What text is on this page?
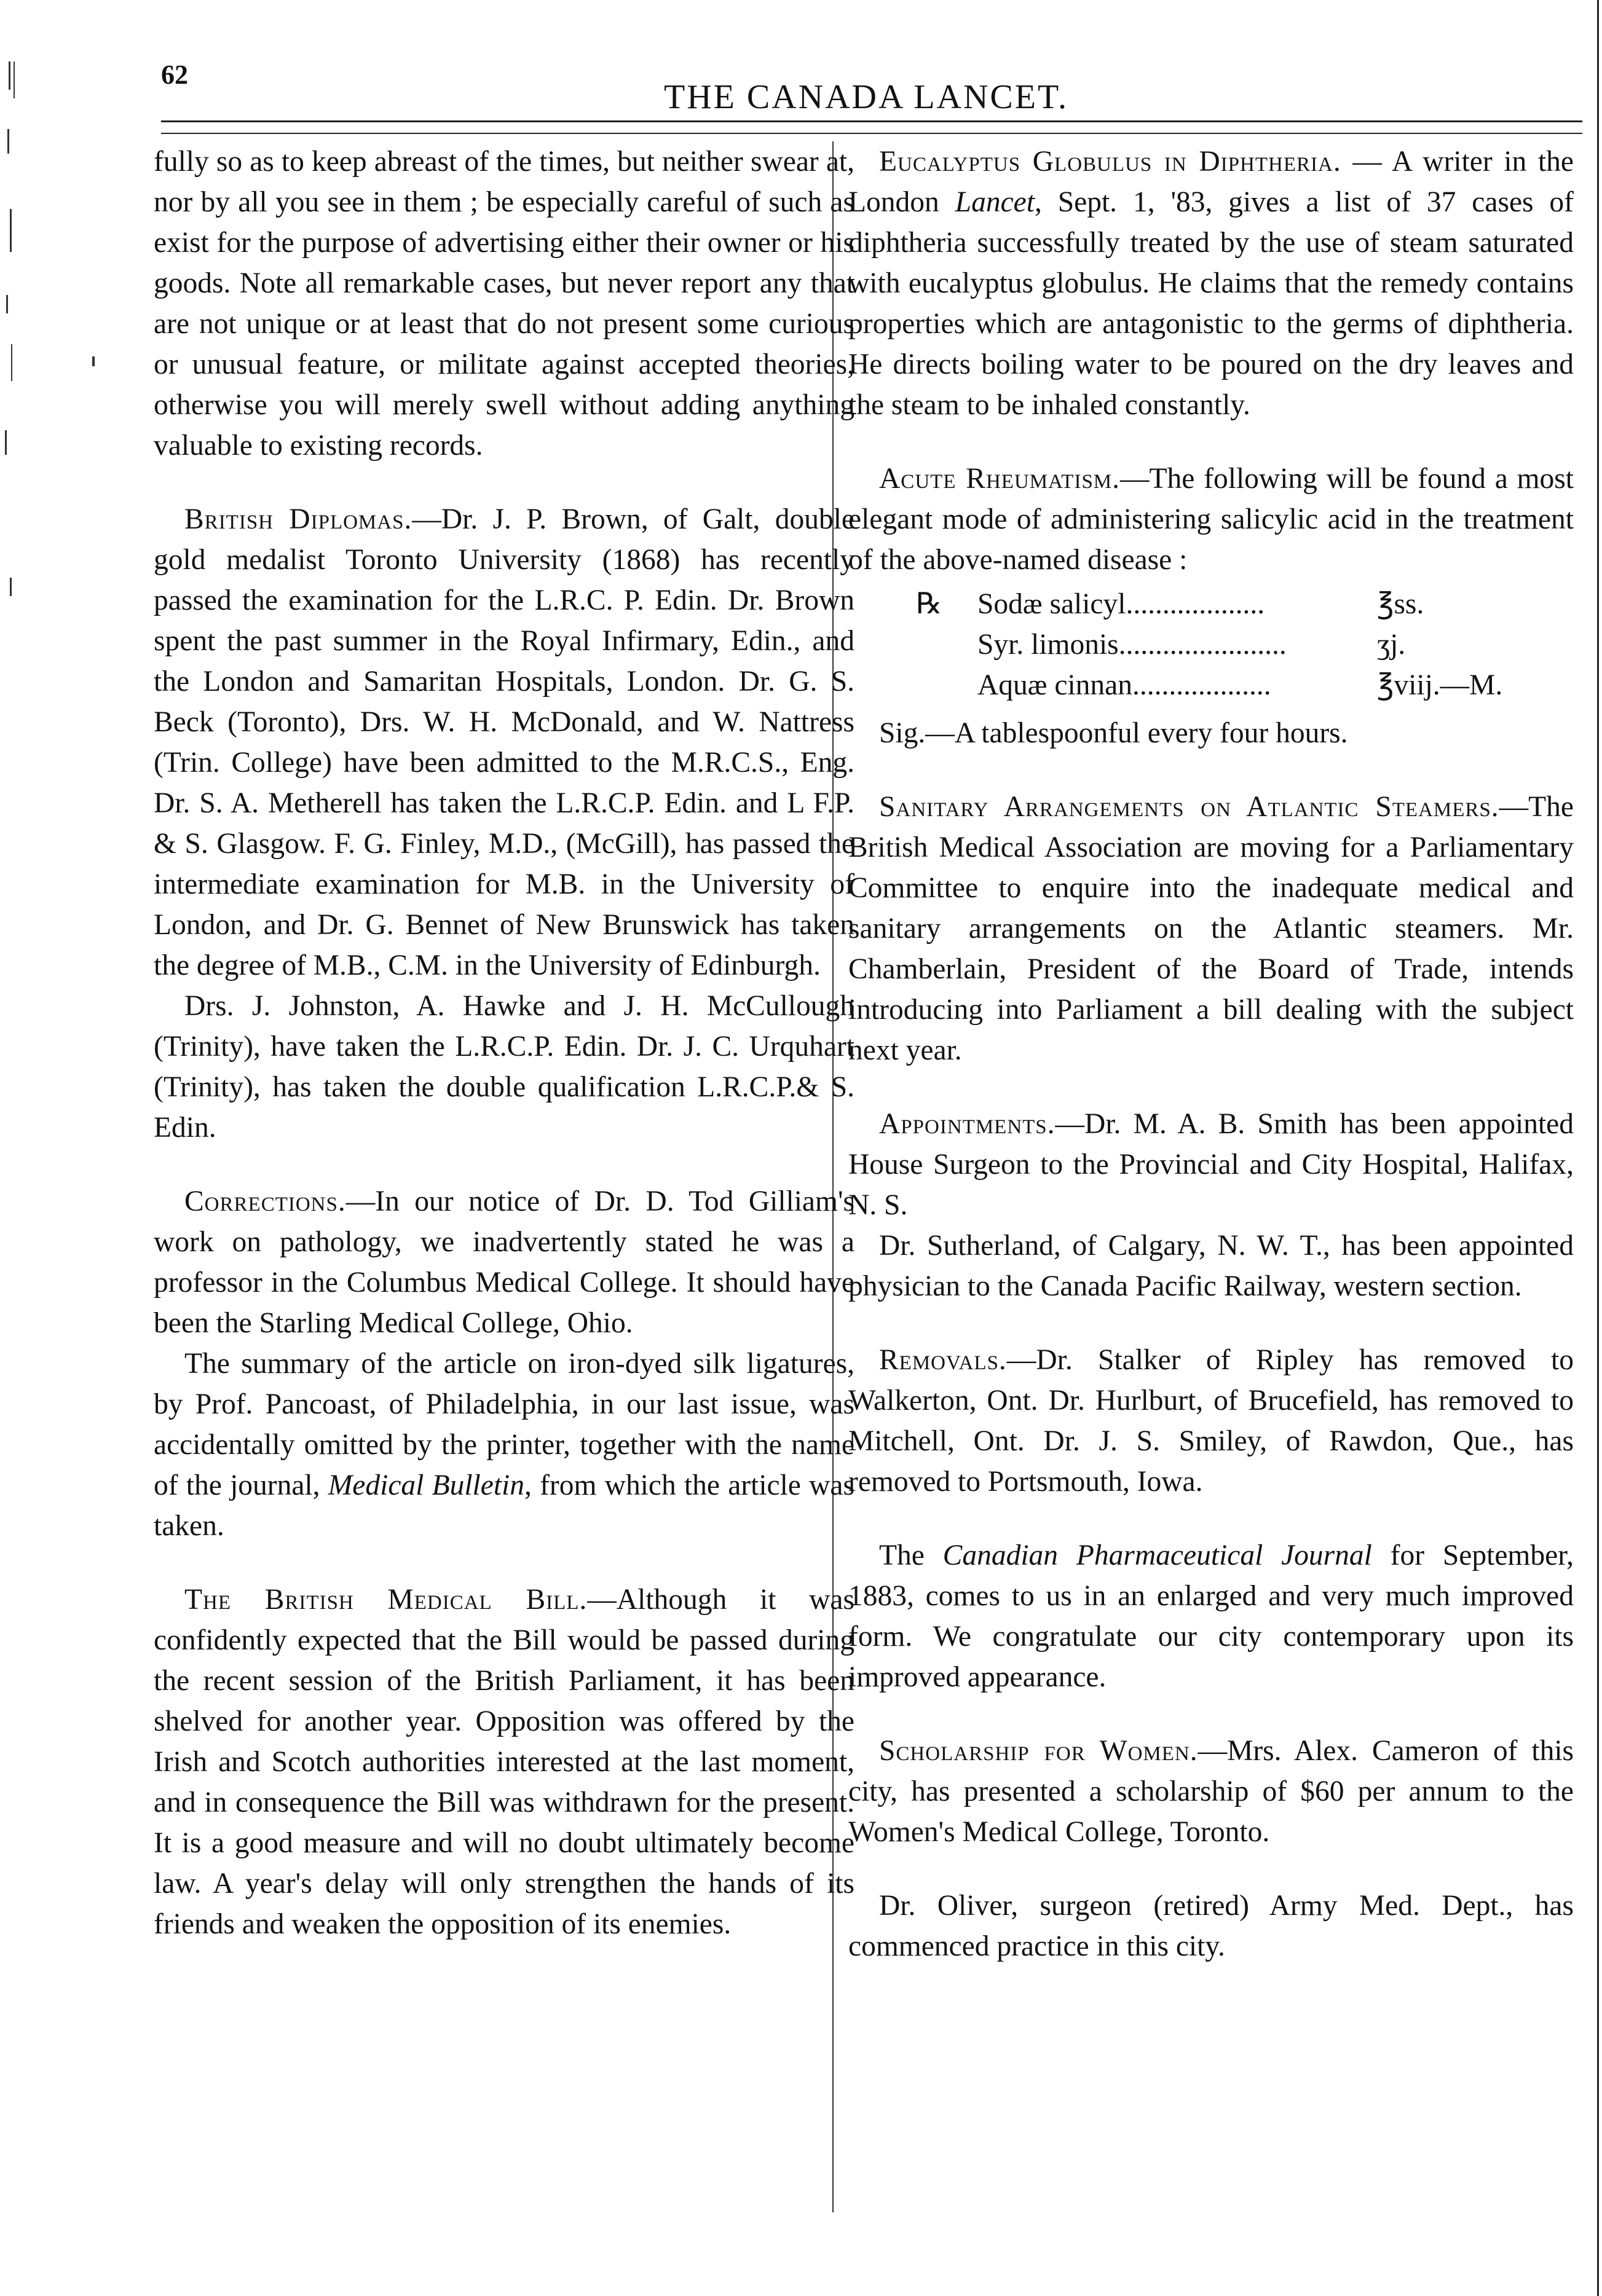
62
THE CANADA LANCET.

fully so as to keep abreast of the times, but neither swear at, nor by all you see in them ; be especially careful of such as exist for the purpose of advertising either their owner or his goods. Note all remarkable cases, but never report any that are not unique or at least that do not present some curious or unusual feature, or militate against accepted theories, otherwise you will merely swell without adding anything valuable to existing records.

British Diplomas.—Dr. J. P. Brown, of Galt, double gold medalist Toronto University (1868) has recently passed the examination for the L.R.C. P. Edin. Dr. Brown spent the past summer in the Royal Infirmary, Edin., and the London and Samaritan Hospitals, London. Dr. G. S. Beck (Toronto), Drs. W. H. McDonald, and W. Nattress (Trin. College) have been admitted to the M.R.C.S., Eng. Dr. S. A. Metherell has taken the L.R.C.P. Edin. and L F.P. & S. Glasgow. F. G. Finley, M.D., (McGill), has passed the intermediate examination for M.B. in the University of London, and Dr. G. Bennet of New Brunswick has taken the degree of M.B., C.M. in the University of Edinburgh.

Drs. J. Johnston, A. Hawke and J. H. McCullough (Trinity), have taken the L.R.C.P. Edin. Dr. J. C. Urquhart (Trinity), has taken the double qualification L.R.C.P.& S. Edin.

Corrections.—In our notice of Dr. D. Tod Gilliam's work on pathology, we inadvertently stated he was a professor in the Columbus Medical College. It should have been the Starling Medical College, Ohio.

The summary of the article on iron-dyed silk ligatures, by Prof. Pancoast, of Philadelphia, in our last issue, was accidentally omitted by the printer, together with the name of the journal, Medical Bulletin, from which the article was taken.

The British Medical Bill.—Although it was confidently expected that the Bill would be passed during the recent session of the British Parliament, it has been shelved for another year. Opposition was offered by the Irish and Scotch authorities interested at the last moment, and in consequence the Bill was withdrawn for the present. It is a good measure and will no doubt ultimately become law. A year's delay will only strengthen the hands of its friends and weaken the opposition of its enemies.

Eucalyptus Globulus in Diphtheria. — A writer in the London Lancet, Sept. 1, '83, gives a list of 37 cases of diphtheria successfully treated by the use of steam saturated with eucalyptus globulus. He claims that the remedy contains properties which are antagonistic to the germs of diphtheria. He directs boiling water to be poured on the dry leaves and the steam to be inhaled constantly.

Acute Rheumatism.—The following will be found a most elegant mode of administering salicylic acid in the treatment of the above-named disease :

℞	Sodæ salicyl...................	℥ss.
Syr. limonis.......................	ʒj.
Aquæ cinnan...................	℥viij.—M.

Sig.—A tablespoonful every four hours.

Sanitary Arrangements on Atlantic Steamers.—The British Medical Association are moving for a Parliamentary Committee to enquire into the inadequate medical and sanitary arrangements on the Atlantic steamers. Mr. Chamberlain, President of the Board of Trade, intends introducing into Parliament a bill dealing with the subject next year.

Appointments.—Dr. M. A. B. Smith has been appointed House Surgeon to the Provincial and City Hospital, Halifax, N. S.

Dr. Sutherland, of Calgary, N. W. T., has been appointed physician to the Canada Pacific Railway, western section.

Removals.—Dr. Stalker of Ripley has removed to Walkerton, Ont. Dr. Hurlburt, of Brucefield, has removed to Mitchell, Ont. Dr. J. S. Smiley, of Rawdon, Que., has removed to Portsmouth, Iowa.

The Canadian Pharmaceutical Journal for September, 1883, comes to us in an enlarged and very much improved form. We congratulate our city contemporary upon its improved appearance.

Scholarship for Women.—Mrs. Alex. Cameron of this city, has presented a scholarship of $60 per annum to the Women's Medical College, Toronto.

Dr. Oliver, surgeon (retired) Army Med. Dept., has commenced practice in this city.
